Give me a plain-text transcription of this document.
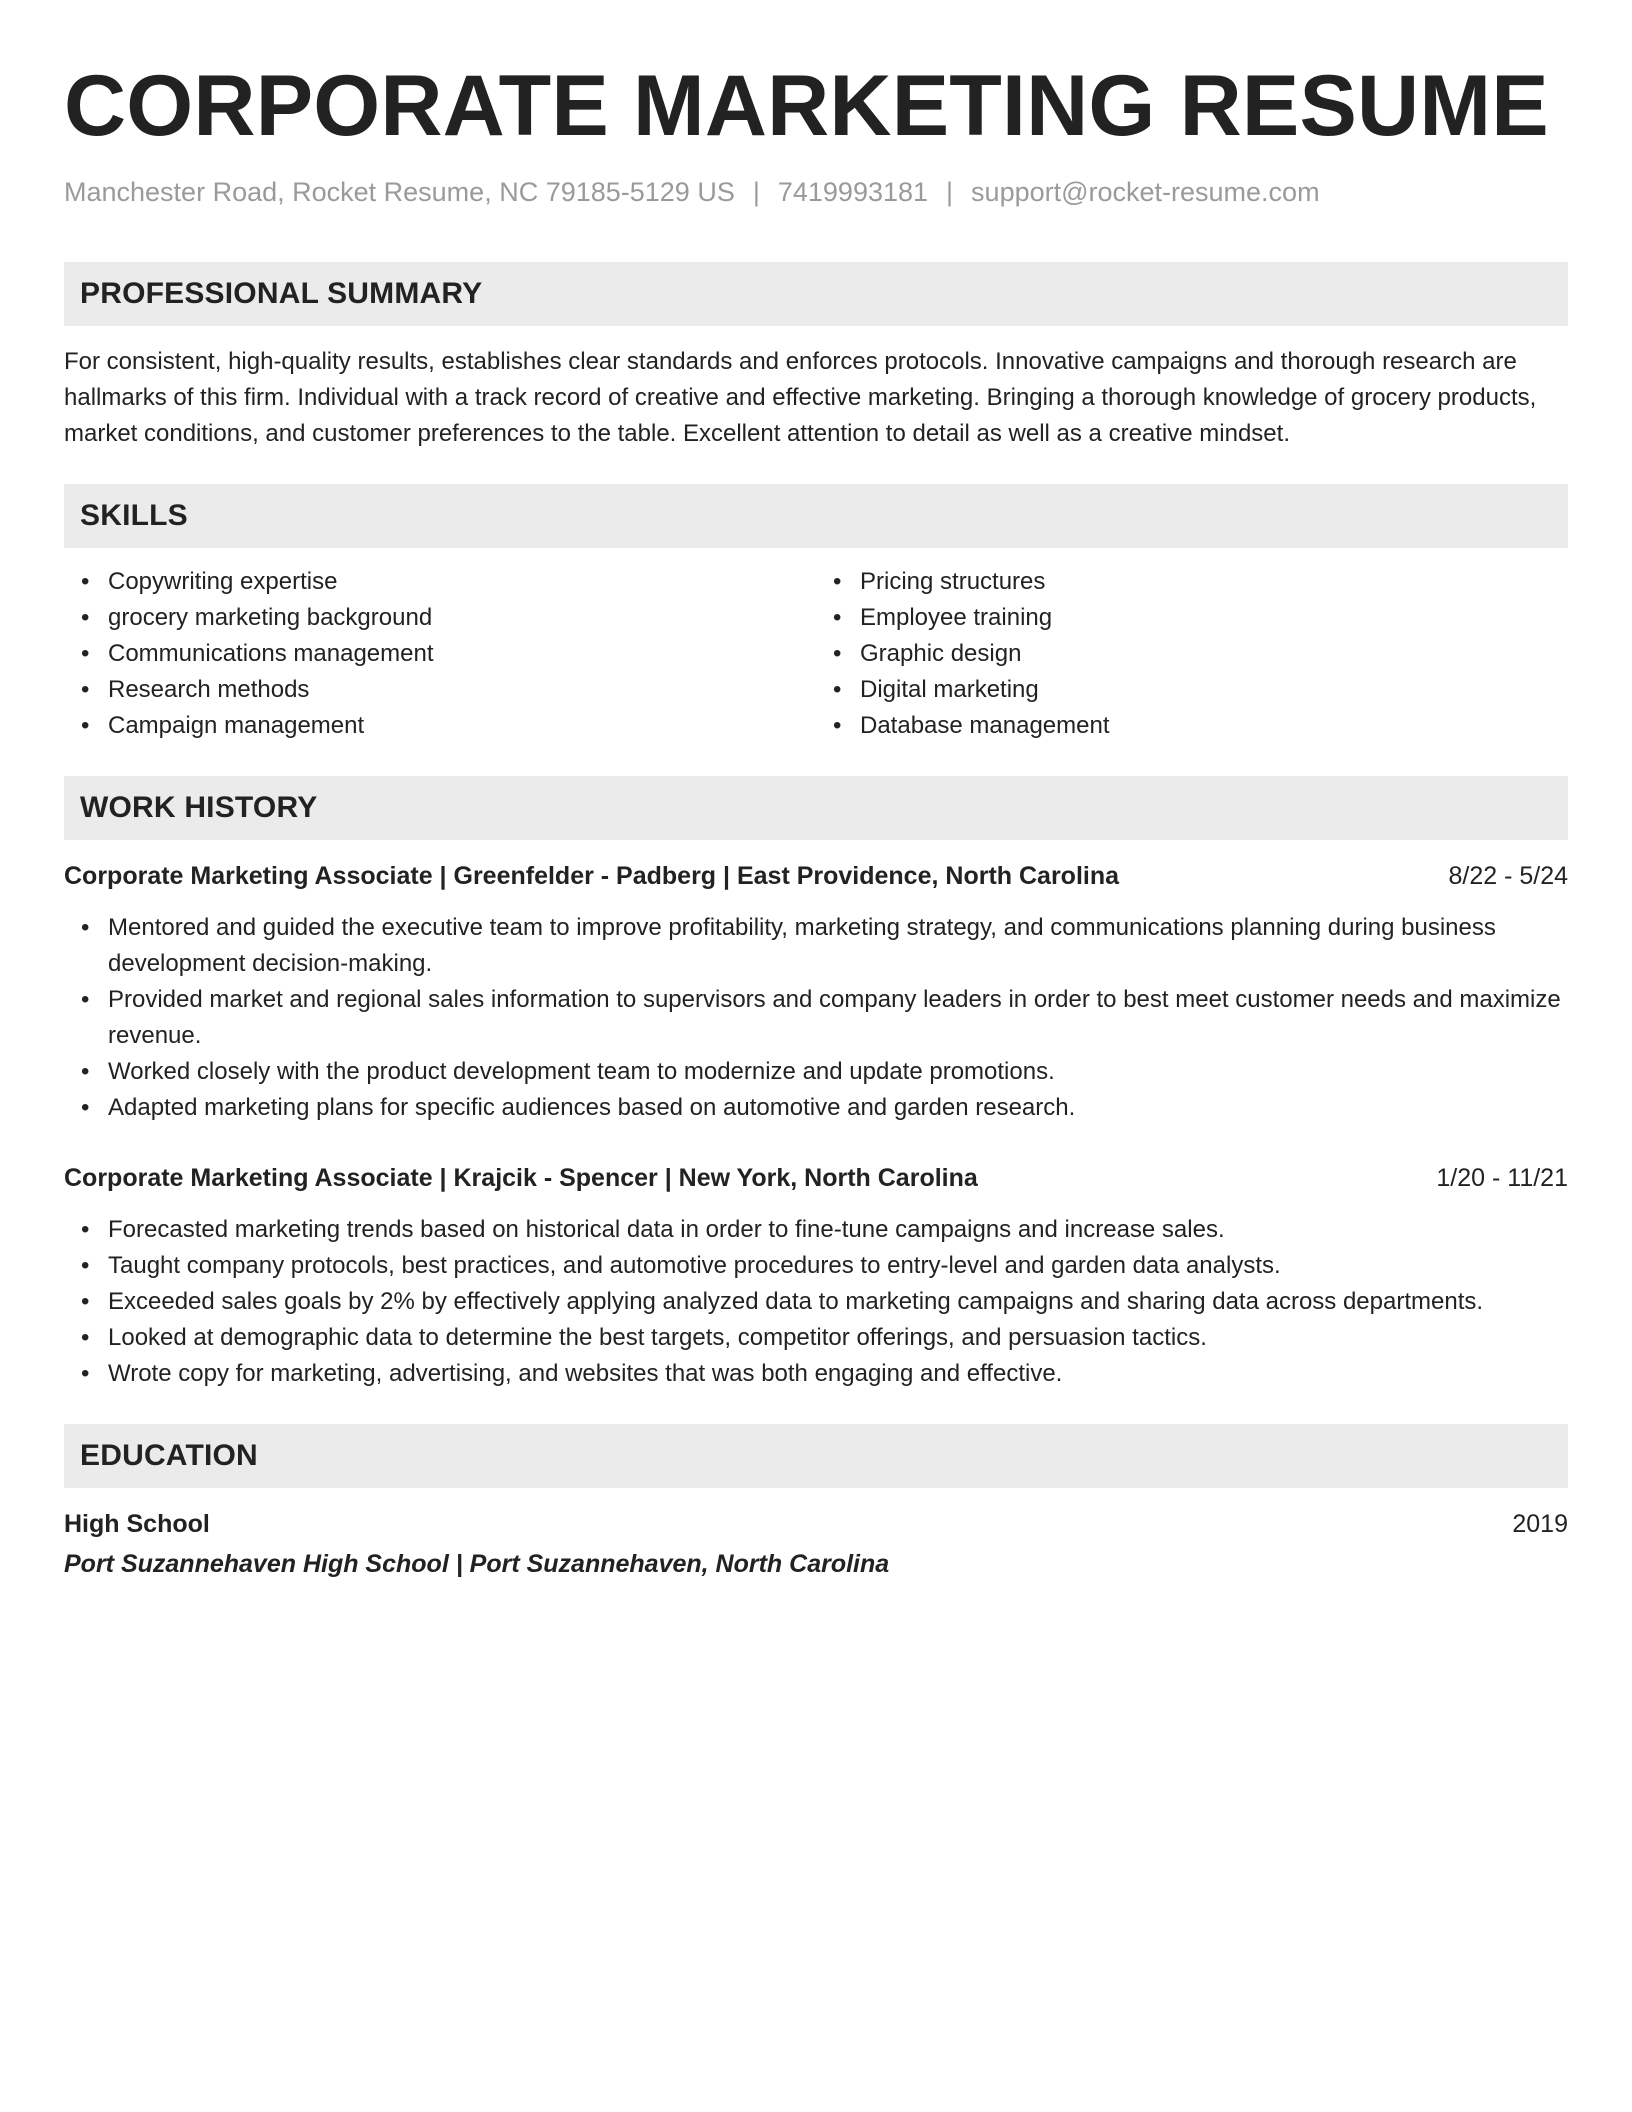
CORPORATE MARKETING RESUME
Manchester Road, Rocket Resume, NC 79185-5129 US | 7419993181 | support@rocket-resume.com
PROFESSIONAL SUMMARY

For consistent, high-quality results, establishes clear standards and enforces protocols. Innovative campaigns and thorough research are hallmarks of this firm. Individual with a track record of creative and effective marketing. Bringing a thorough knowledge of grocery products, market conditions, and customer preferences to the table. Excellent attention to detail as well as a creative mindset.

SKILLS
• Copywriting expertise
• grocery marketing background
• Communications management
• Research methods
• Campaign management
• Pricing structures
• Employee training
• Graphic design
• Digital marketing
• Database management
WORK HISTORY
Corporate Marketing Associate | Greenfelder - Padberg | East Providence, North Carolina	8/22 - 5/24
• Mentored and guided the executive team to improve profitability, marketing strategy, and communications planning during business development decision-making.
• Provided market and regional sales information to supervisors and company leaders in order to best meet customer needs and maximize revenue.
• Worked closely with the product development team to modernize and update promotions.
• Adapted marketing plans for specific audiences based on automotive and garden research.
Corporate Marketing Associate | Krajcik - Spencer | New York, North Carolina	1/20 - 11/21
• Forecasted marketing trends based on historical data in order to fine-tune campaigns and increase sales.
• Taught company protocols, best practices, and automotive procedures to entry-level and garden data analysts.
• Exceeded sales goals by 2% by effectively applying analyzed data to marketing campaigns and sharing data across departments.
• Looked at demographic data to determine the best targets, competitor offerings, and persuasion tactics.
• Wrote copy for marketing, advertising, and websites that was both engaging and effective.
EDUCATION
High School	2019
Port Suzannehaven High School | Port Suzannehaven, North Carolina
